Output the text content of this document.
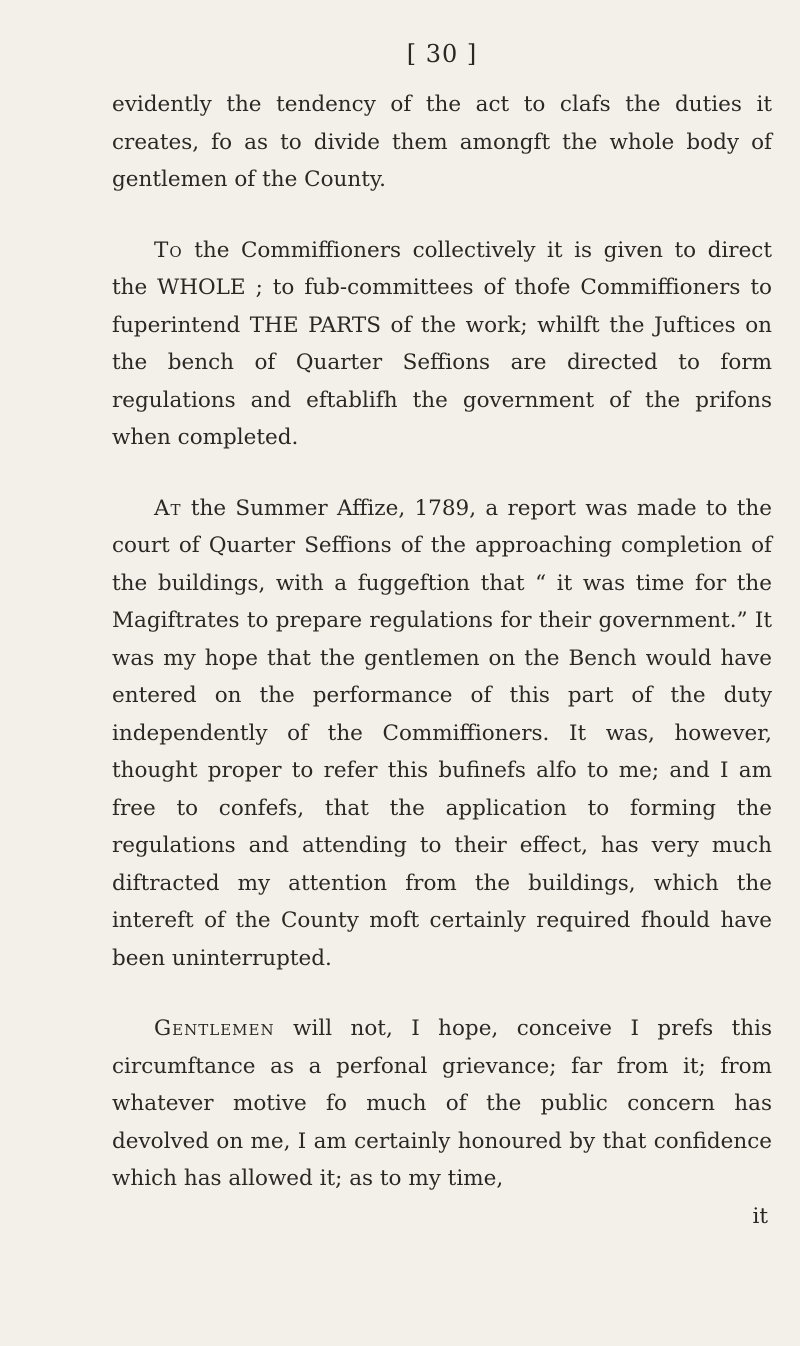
[ 30 ]

evidently the tendency of the act to clafs the duties it creates, fo as to divide them amongft the whole body of gentlemen of the County.

To the Commiffioners collectively it is given to direct the WHOLE ; to fub-committees of thofe Commiffioners to fuperintend THE PARTS of the work; whilft the Juftices on the bench of Quarter Seffions are directed to form regulations and eftablifh the government of the prifons when completed.

At the Summer Affize, 1789, a report was made to the court of Quarter Seffions of the approaching completion of the buildings, with a fuggeftion that “ it was time for the Magiftrates to prepare regulations for their government.” It was my hope that the gentlemen on the Bench would have entered on the performance of this part of the duty independently of the Commiffioners. It was, however, thought proper to refer this bufinefs alfo to me; and I am free to confefs, that the application to forming the regulations and attending to their effect, has very much diftracted my attention from the buildings, which the intereft of the County moft certainly required fhould have been uninterrupted.

Gentlemen will not, I hope, conceive I prefs this circumftance as a perfonal grievance; far from it; from whatever motive fo much of the public concern has devolved on me, I am certainly honoured by that confidence which has allowed it; as to my time,

it
